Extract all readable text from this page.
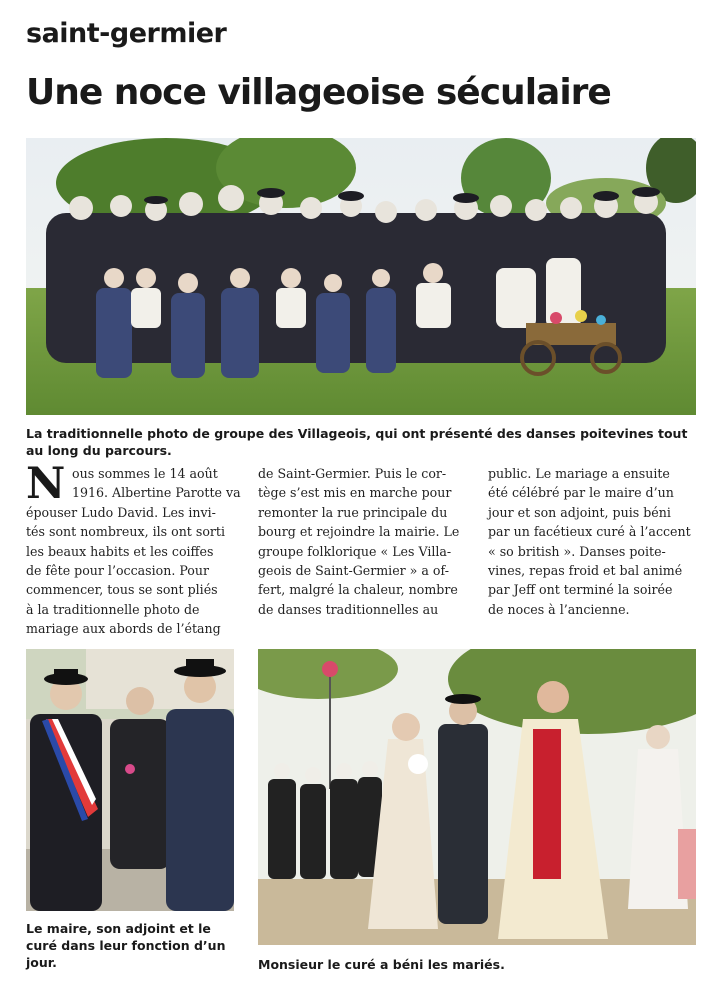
saint-germier
Une noce villageoise séculaire

La traditionnelle photo de groupe des Villageois, qui ont présenté des danses poitevines tout au long du parcours.

N ous sommes le 14 août
1916. Albertine Parotte va
épouser Ludo David. Les invi-
tés sont nombreux, ils ont sorti
les beaux habits et les coiffes
de fête pour l’occasion. Pour
commencer, tous se sont pliés
à la traditionnelle photo de
mariage aux abords de l’étang
de Saint-Germier. Puis le cor-
tège s’est mis en marche pour
remonter la rue principale du
bourg et rejoindre la mairie. Le
groupe folklorique « Les Villa-
geois de Saint-Germier » a of-
fert, malgré la chaleur, nombre
de danses traditionnelles au
public. Le mariage a ensuite
été célébré par le maire d’un
jour et son adjoint, puis béni
par un facétieux curé à l’accent
« so british ». Danses poite-
vines, repas froid et bal animé
par Jeff ont terminé la soirée
de noces à l’ancienne.

Le maire, son adjoint et le curé dans leur fonction d’un jour.	Monsieur le curé a béni les mariés.
